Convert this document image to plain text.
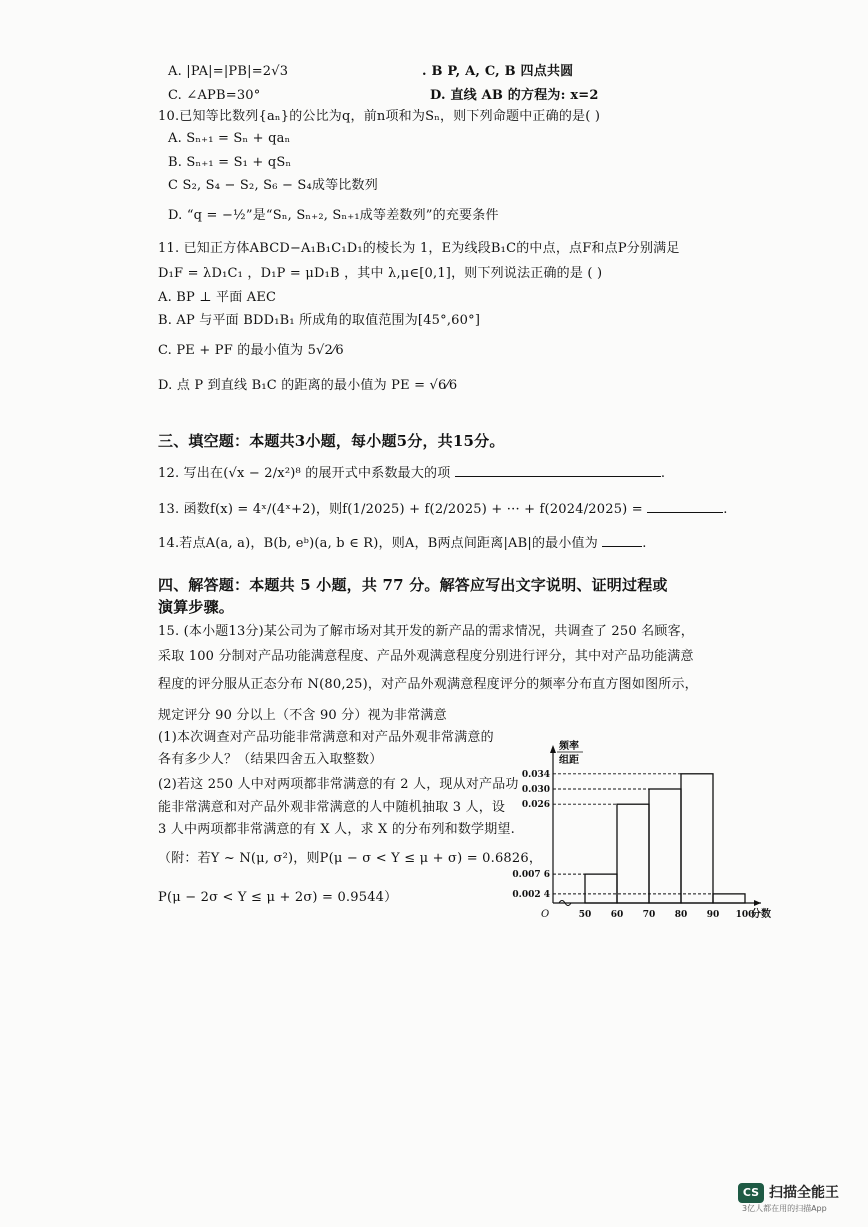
A. |PA|=|PB|=2√3	. B P, A, C, B 四点共圆
C. ∠APB=30°	D. 直线 AB 的方程为: x=2
10.已知等比数列{aₙ}的公比为q，前n项和为Sₙ，则下列命题中正确的是( )
A. Sₙ₊₁ = Sₙ + qaₙ
B. Sₙ₊₁ = S₁ + qSₙ
C S₂, S₄ − S₂, S₆ − S₄成等比数列
D. “q = −½”是“Sₙ, Sₙ₊₂, Sₙ₊₁成等差数列”的充要条件
11. 已知正方体ABCD−A₁B₁C₁D₁的棱长为 1，E为线段B₁C的中点，点F和点P分别满足
D₁F = λD₁C₁ ，D₁P = μD₁B ，其中 λ,μ∈[0,1]，则下列说法正确的是 ( )
A. BP ⊥ 平面 AEC
B. AP 与平面 BDD₁B₁ 所成角的取值范围为[45°,60°]
C. PE + PF 的最小值为 5√2⁄6
D. 点 P 到直线 B₁C 的距离的最小值为 PE = √6⁄6
三、填空题：本题共3小题，每小题5分，共15分。
12. 写出在(√x − 2/x²)⁸ 的展开式中系数最大的项	.
13. 函数f(x) = 4ˣ/(4ˣ+2)，则f(1/2025) + f(2/2025) + ··· + f(2024/2025) =	.
14.若点A(a, a)，B(b, eᵇ)(a, b ∈ R)，则A，B两点间距离|AB|的最小值为	.
四、解答题：本题共 5 小题，共 77 分。解答应写出文字说明、证明过程或
演算步骤。
15. (本小题13分)某公司为了解市场对其开发的新产品的需求情况，共调查了 250 名顾客，
采取 100 分制对产品功能满意程度、产品外观满意程度分别进行评分，其中对产品功能满意
程度的评分服从正态分布 N(80,25)，对产品外观满意程度评分的频率分布直方图如图所示，
规定评分 90 分以上（不含 90 分）视为非常满意
(1)本次调查对产品功能非常满意和对产品外观非常满意的
各有多少人？（结果四舍五入取整数）
(2)若这 250 人中对两项都非常满意的有 2 人，现从对产品功
能非常满意和对产品外观非常满意的人中随机抽取 3 人，设
3 人中两项都非常满意的有 X 人，求 X 的分布列和数学期望.
（附：若Y ~ N(μ, σ²)，则P(μ − σ < Y ≤ μ + σ) = 0.6826，
P(μ − 2σ < Y ≤ μ + 2σ) = 0.9544）
频率
组距
分数
O
0.002 4
0.007 6
0.026
0.030
0.034
50 60 70 80 90 100
CS 扫描全能王
3亿人都在用的扫描App
